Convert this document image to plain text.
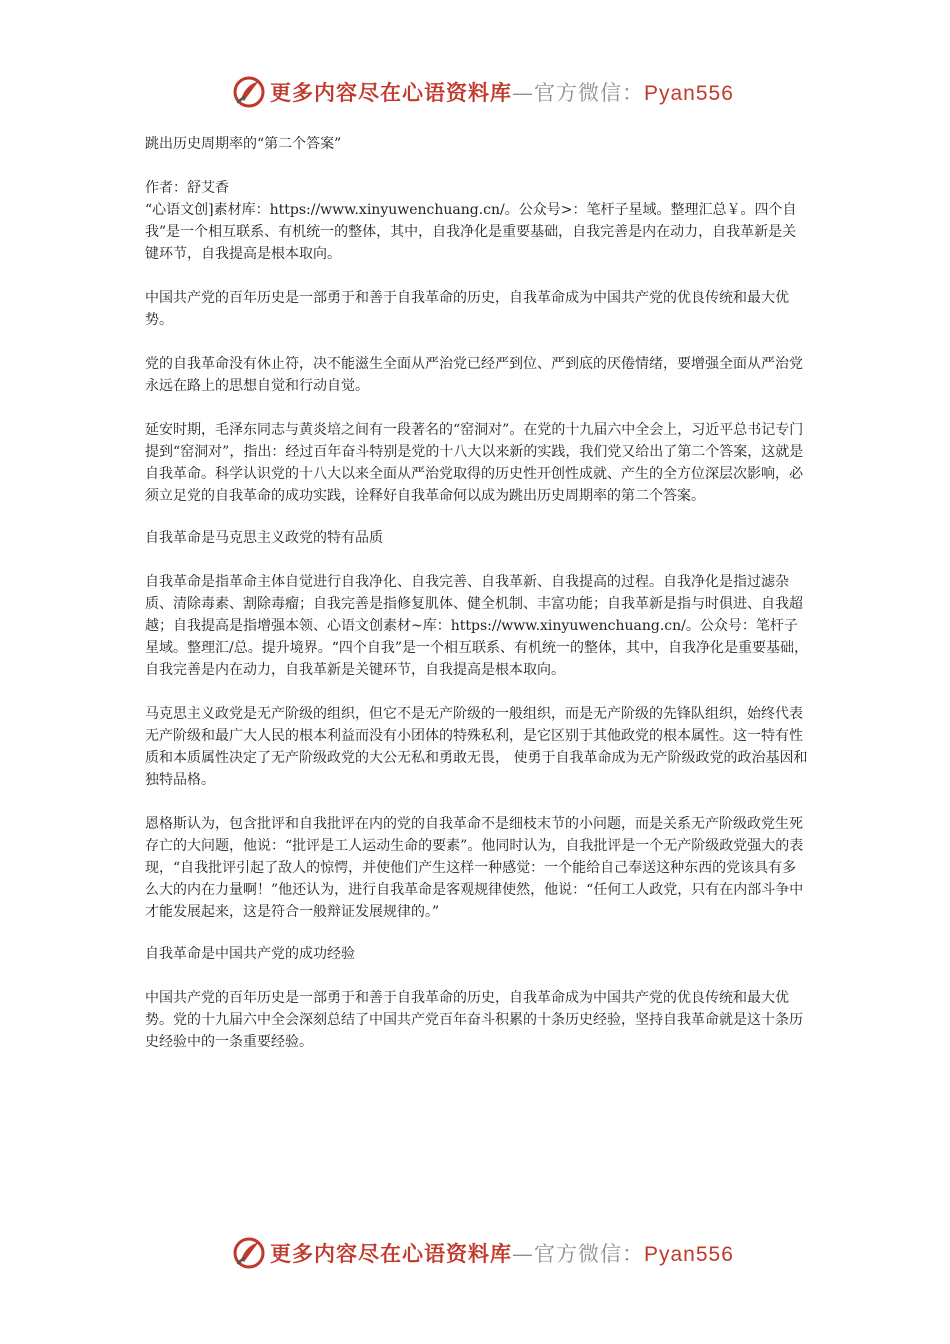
更多内容尽在心语资料库—官方微信：Pyan556

跳出历史周期率的“第二个答案”

作者：舒艾香

“心语文创]素材库：https://www.xinyuwenchuang.cn/。公众号>：笔杆子星域。整理汇总￥。四个自我”是一个相互联系、有机统一的整体，其中，自我净化是重要基础，自我完善是内在动力，自我革新是关键环节，自我提高是根本取向。

中国共产党的百年历史是一部勇于和善于自我革命的历史，自我革命成为中国共产党的优良传统和最大优势。

党的自我革命没有休止符，决不能滋生全面从严治党已经严到位、严到底的厌倦情绪，要增强全面从严治党永远在路上的思想自觉和行动自觉。

延安时期，毛泽东同志与黄炎培之间有一段著名的“窑洞对”。在党的十九届六中全会上，习近平总书记专门提到“窑洞对”，指出：经过百年奋斗特别是党的十八大以来新的实践，我们党又给出了第二个答案，这就是自我革命。科学认识党的十八大以来全面从严治党取得的历史性开创性成就、产生的全方位深层次影响，必须立足党的自我革命的成功实践，诠释好自我革命何以成为跳出历史周期率的第二个答案。

自我革命是马克思主义政党的特有品质

自我革命是指革命主体自觉进行自我净化、自我完善、自我革新、自我提高的过程。自我净化是指过滤杂质、清除毒素、割除毒瘤；自我完善是指修复肌体、健全机制、丰富功能；自我革新是指与时俱进、自我超越；自我提高是指增强本领、心语文创素材~库：https://www.xinyuwenchuang.cn/。公众号：笔杆子星域。整理汇/总。提升境界。“四个自我”是一个相互联系、有机统一的整体，其中，自我净化是重要基础，自我完善是内在动力，自我革新是关键环节，自我提高是根本取向。

马克思主义政党是无产阶级的组织，但它不是无产阶级的一般组织，而是无产阶级的先锋队组织，始终代表无产阶级和最广大人民的根本利益而没有小团体的特殊私利，是它区别于其他政党的根本属性。这一特有性质和本质属性决定了无产阶级政党的大公无私和勇敢无畏， 使勇于自我革命成为无产阶级政党的政治基因和独特品格。

恩格斯认为，包含批评和自我批评在内的党的自我革命不是细枝末节的小问题，而是关系无产阶级政党生死存亡的大问题，他说：“批评是工人运动生命的要素”。他同时认为，自我批评是一个无产阶级政党强大的表现，“自我批评引起了敌人的惊愕，并使他们产生这样一种感觉：一个能给自己奉送这种东西的党该具有多么大的内在力量啊！”他还认为，进行自我革命是客观规律使然，他说：“任何工人政党，只有在内部斗争中才能发展起来，这是符合一般辩证发展规律的。”

自我革命是中国共产党的成功经验

中国共产党的百年历史是一部勇于和善于自我革命的历史，自我革命成为中国共产党的优良传统和最大优势。党的十九届六中全会深刻总结了中国共产党百年奋斗积累的十条历史经验，坚持自我革命就是这十条历史经验中的一条重要经验。

更多内容尽在心语资料库—官方微信：Pyan556
